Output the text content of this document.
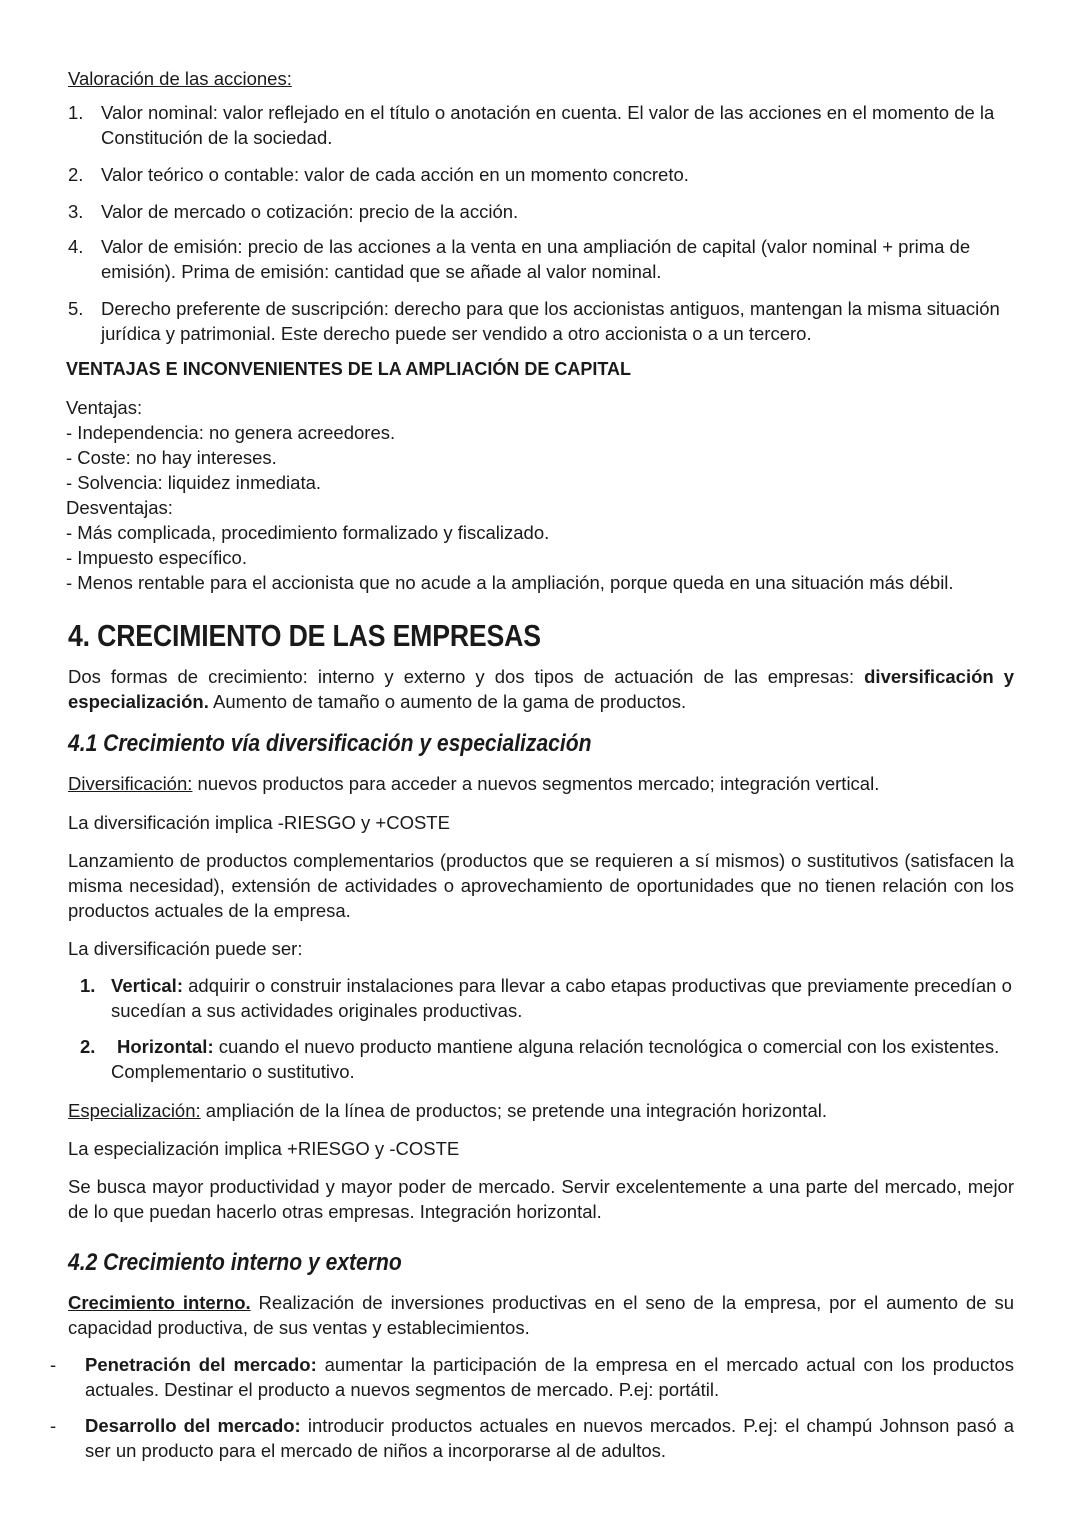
Valoración de las acciones:
1. Valor nominal: valor reflejado en el título o anotación en cuenta. El valor de las acciones en el momento de la Constitución de la sociedad.
2. Valor teórico o contable: valor de cada acción en un momento concreto.
3. Valor de mercado o cotización: precio de la acción.
4. Valor de emisión: precio de las acciones a la venta en una ampliación de capital (valor nominal + prima de emisión). Prima de emisión: cantidad que se añade al valor nominal.
5. Derecho preferente de suscripción: derecho para que los accionistas antiguos, mantengan la misma situación jurídica y patrimonial. Este derecho puede ser vendido a otro accionista o a un tercero.
VENTAJAS E INCONVENIENTES DE LA AMPLIACIÓN DE CAPITAL
Ventajas:
- Independencia: no genera acreedores.
- Coste: no hay intereses.
- Solvencia: liquidez inmediata.
Desventajas:
- Más complicada, procedimiento formalizado y fiscalizado.
- Impuesto específico.
- Menos rentable para el accionista que no acude a la ampliación, porque queda en una situación más débil.
4. CRECIMIENTO DE LAS EMPRESAS
Dos formas de crecimiento: interno y externo y dos tipos de actuación de las empresas: diversificación y especialización. Aumento de tamaño o aumento de la gama de productos.
4.1 Crecimiento vía diversificación y especialización
Diversificación: nuevos productos para acceder a nuevos segmentos mercado; integración vertical.
La diversificación implica -RIESGO y +COSTE
Lanzamiento de productos complementarios (productos que se requieren a sí mismos) o sustitutivos (satisfacen la misma necesidad), extensión de actividades o aprovechamiento de oportunidades que no tienen relación con los productos actuales de la empresa.
La diversificación puede ser:
1. Vertical: adquirir o construir instalaciones para llevar a cabo etapas productivas que previamente precedían o sucedían a sus actividades originales productivas.
2.	Horizontal: cuando el nuevo producto mantiene alguna relación tecnológica o comercial con los existentes. Complementario o sustitutivo.
Especialización: ampliación de la línea de productos; se pretende una integración horizontal.
La especialización implica +RIESGO y -COSTE
Se busca mayor productividad y mayor poder de mercado. Servir excelentemente a una parte del mercado, mejor de lo que puedan hacerlo otras empresas. Integración horizontal.
4.2 Crecimiento interno y externo
Crecimiento interno. Realización de inversiones productivas en el seno de la empresa, por el aumento de su capacidad productiva, de sus ventas y establecimientos.
- Penetración del mercado: aumentar la participación de la empresa en el mercado actual con los productos actuales. Destinar el producto a nuevos segmentos de mercado. P.ej: portátil.
- Desarrollo del mercado: introducir productos actuales en nuevos mercados. P.ej: el champú Johnson pasó a ser un producto para el mercado de niños a incorporarse al de adultos.
